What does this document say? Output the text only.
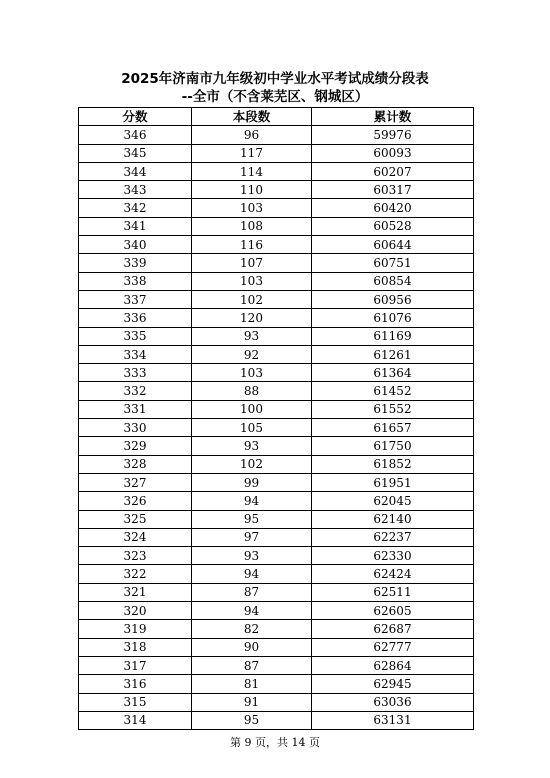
2025年济南市九年级初中学业水平考试成绩分段表
--全市（不含莱芜区、钢城区）
分数	本段数	累计数
346	96	59976
345	117	60093
344	114	60207
343	110	60317
342	103	60420
341	108	60528
340	116	60644
339	107	60751
338	103	60854
337	102	60956
336	120	61076
335	93	61169
334	92	61261
333	103	61364
332	88	61452
331	100	61552
330	105	61657
329	93	61750
328	102	61852
327	99	61951
326	94	62045
325	95	62140
324	97	62237
323	93	62330
322	94	62424
321	87	62511
320	94	62605
319	82	62687
318	90	62777
317	87	62864
316	81	62945
315	91	63036
314	95	63131
第 9 页，共 14 页
